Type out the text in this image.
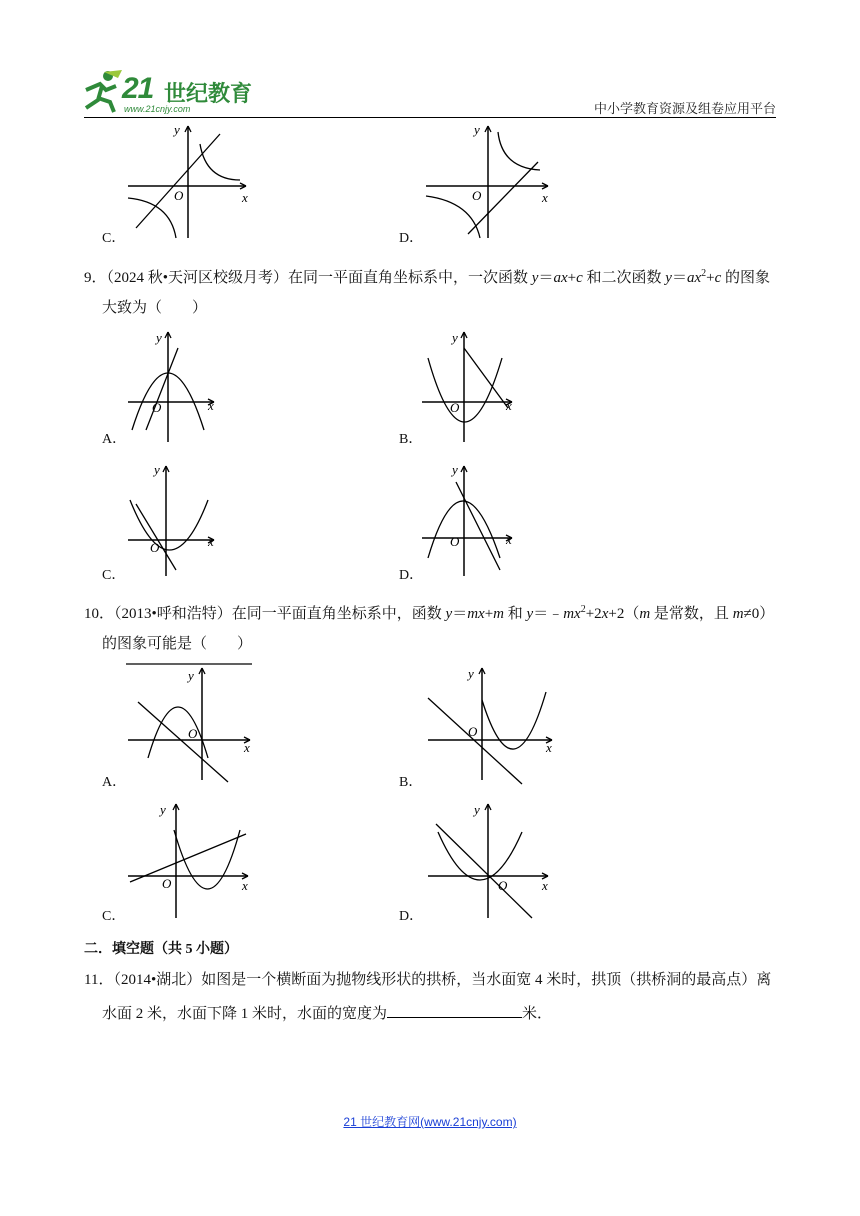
21 世纪教育
www.21cnjy.com	中小学教育资源及组卷应用平台
y
x
O
C．
y
x
O
D．
9．（2024 秋•天河区校级月考）在同一平面直角坐标系中，一次函数 y＝ax+c 和二次函数 $y=ax^2+c$ 的图象
大致为（　　）
y
x
O
A．
y
x
O
B．
y
x
O
C．
y
x
O
D．
10．（2013•呼和浩特）在同一平面直角坐标系中，函数 y＝mx+m 和 $y=﹣mx^2+2x+2(m$ 是常数，且 m≠0）
的图象可能是（　　）
y
x
O
A．
y
x
O
B．
y
x
O
C．
y
x
O
D．
二．填空题（共 5 小题）
11．（2014•湖北）如图是一个横断面为抛物线形状的拱桥，当水面宽 4 米时，拱顶（拱桥洞的最高点）离
水面 2 米，水面下降 1 米时，水面的宽度为	米．
21 世纪教育网(www.21cnjy.com)
